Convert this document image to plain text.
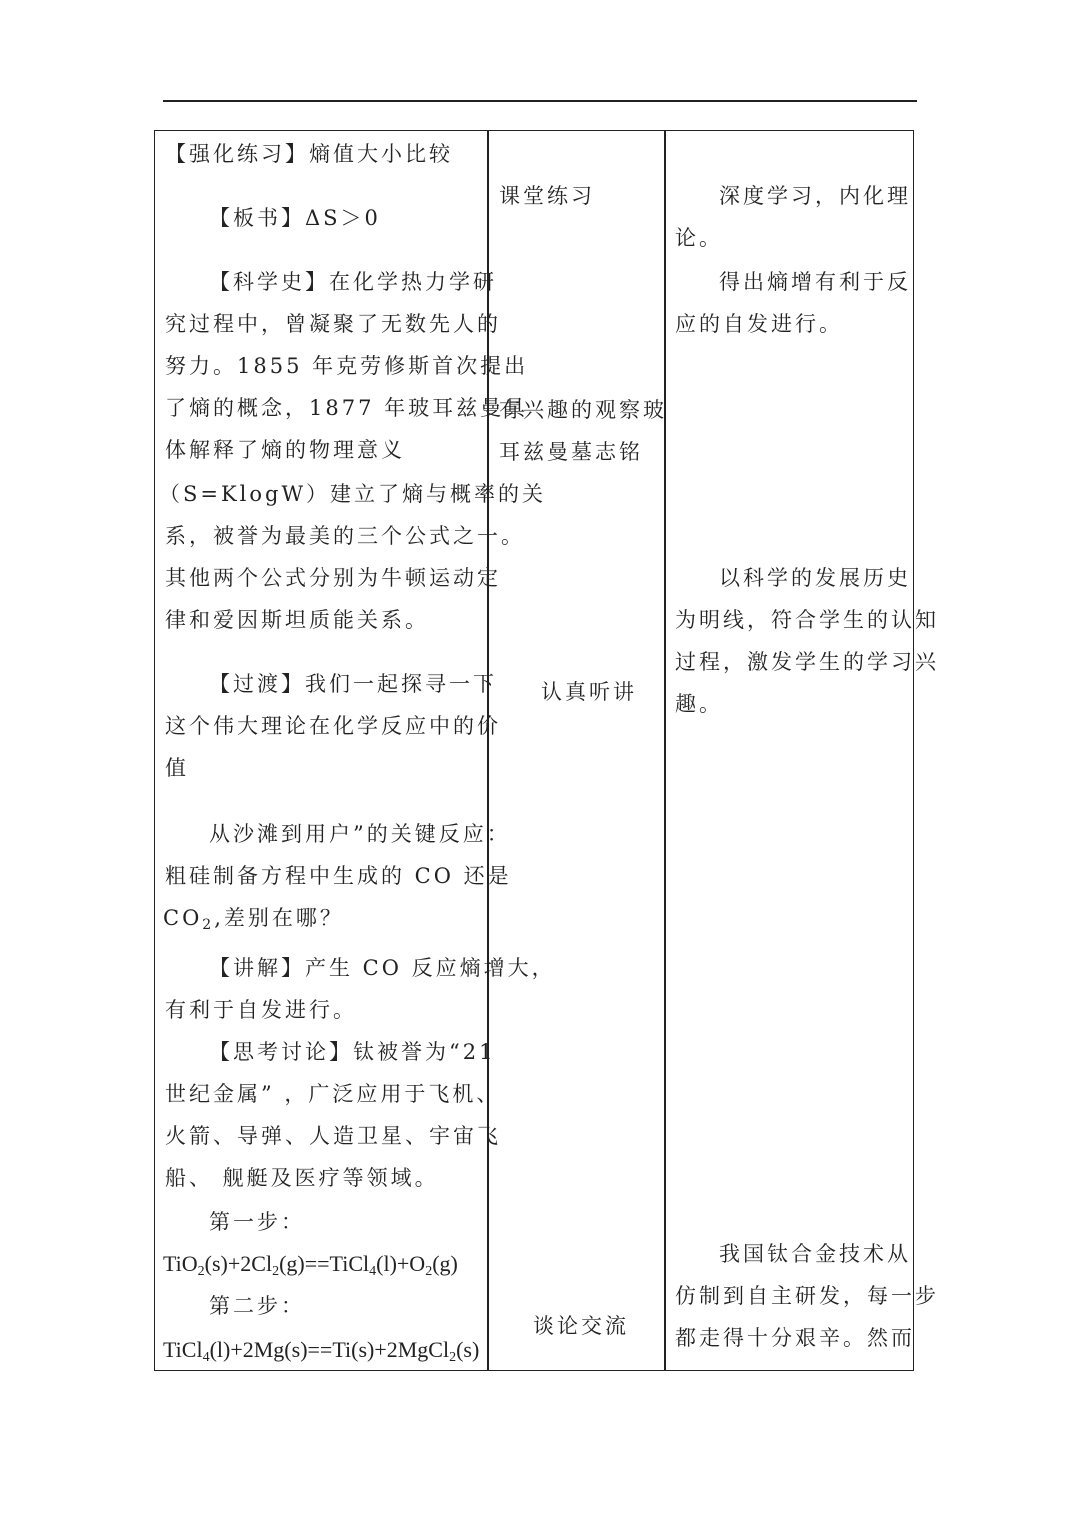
【强化练习】熵值大小比较
【板书】ΔS＞0
【科学史】在化学热力学研
究过程中，曾凝聚了无数先人的
努力。1855 年克劳修斯首次提出
了熵的概念，1877 年玻耳兹曼具
体解释了熵的物理意义
（S=KlogW）建立了熵与概率的关
系，被誉为最美的三个公式之一。
其他两个公式分别为牛顿运动定
律和爱因斯坦质能关系。
【过渡】我们一起探寻一下
这个伟大理论在化学反应中的价
值
从沙滩到用户”的关键反应：
粗硅制备方程中生成的 CO 还是
$CO_2$,差别在哪？
【讲解】产生 CO 反应熵增大，
有利于自发进行。
【思考讨论】钛被誉为“21
世纪金属” ，广泛应用于飞机、
火箭、导弹、人造卫星、宇宙飞
船、 舰艇及医疗等领域。
第一步：
$TiO_2(s)+2Cl_2(g)==TiCl_4(l)+O_2(g)$
第二步：
TiCl$_4$(l)+2Mg(s)==Ti(s)+2MgCl$_2$(s)
课堂练习
有兴趣的观察玻
耳兹曼墓志铭
认真听讲
谈论交流
深度学习，内化理
论。
得出熵增有利于反
应的自发进行。
以科学的发展历史
为明线，符合学生的认知
过程，激发学生的学习兴
趣。
我国钛合金技术从
仿制到自主研发，每一步
都走得十分艰辛。然而
